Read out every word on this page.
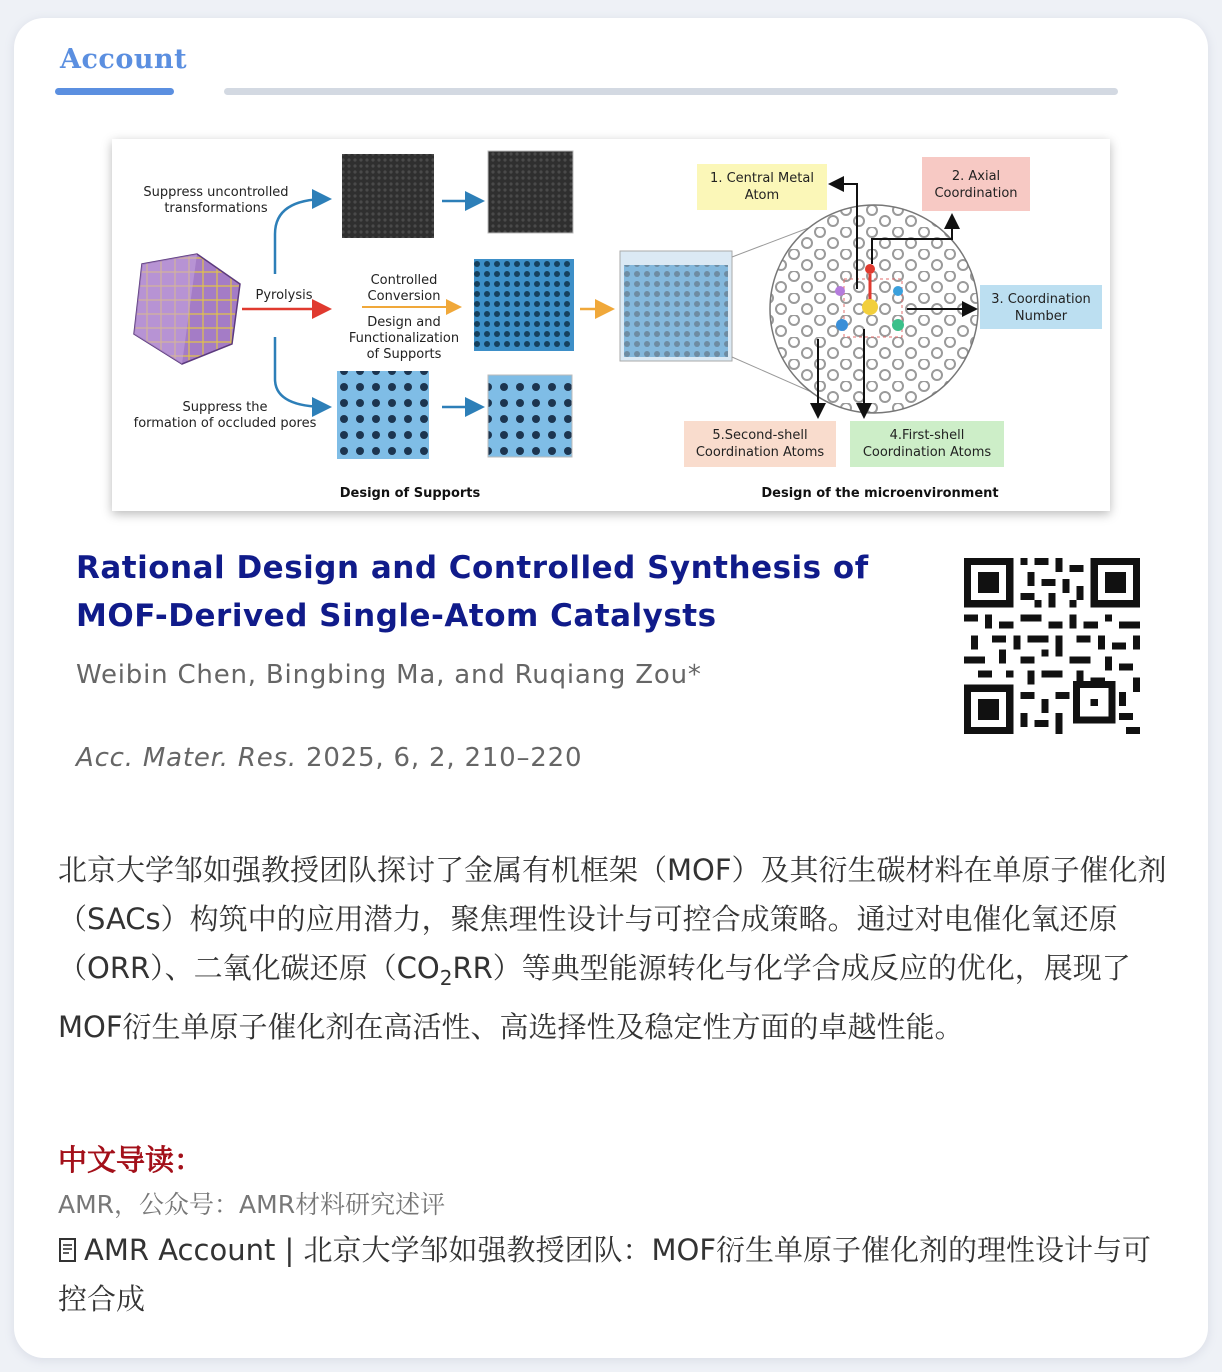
Account
Suppress uncontrolled
transformations
Pyrolysis
Suppress the
formation of occluded pores
Controlled
Conversion
Design and
Functionalization
of Supports
Design of Supports
1. Central Metal
Atom
2. Axial
Coordination
3. Coordination
Number
4.First-shell
Coordination Atoms
5.Second-shell
Coordination Atoms
Design of the microenvironment
Rational Design and Controlled Synthesis of
MOF-Derived Single-Atom Catalysts
Weibin Chen, Bingbing Ma, and Ruqiang Zou*
Acc. Mater. Res. 2025, 6, 2, 210–220
北京大学邹如强教授团队探讨了金属有机框架（MOF）及其衍生碳材料在单原子催化剂（SACs）构筑中的应用潜力，聚焦理性设计与可控合成策略。通过对电催化氧还原（ORR）、二氧化碳还原$(CO_2RR)$等典型能源转化与化学合成反应的优化，展现了MOF衍生单原子催化剂在高活性、高选择性及稳定性方面的卓越性能。
中文导读：
AMR，公众号：AMR材料研究述评
AMR Account | 北京大学邹如强教授团队：MOF衍生单原子催化剂的理性设计与可控合成
